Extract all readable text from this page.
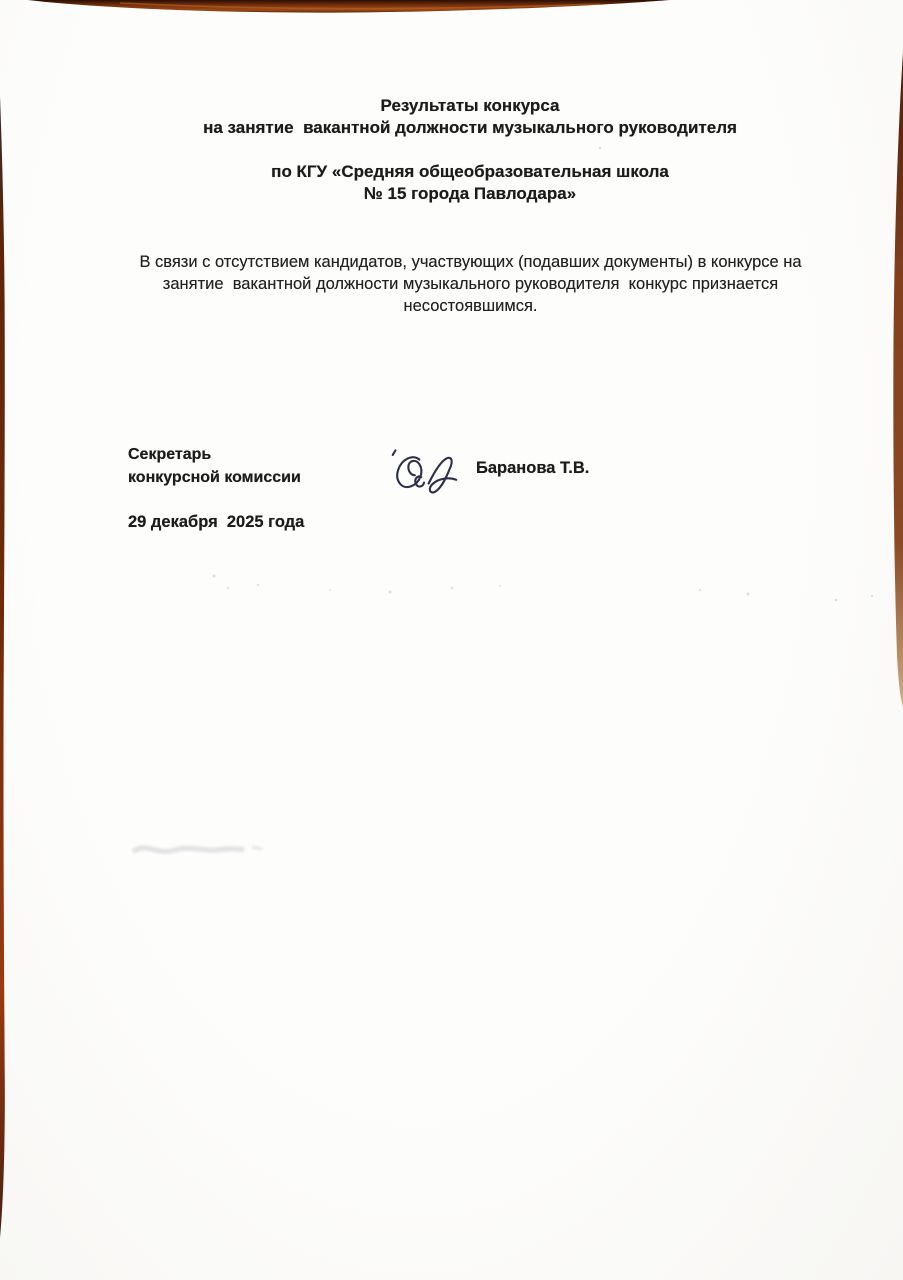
Результаты конкурса
на занятие  вакантной должности музыкального руководителя
по КГУ «Средняя общеобразовательная школа
№ 15 города Павлодара»
В связи с отсутствием кандидатов, участвующих (подавших документы) в конкурсе на
занятие  вакантной должности музыкального руководителя  конкурс признается
несостоявшимся.
Секретарь
конкурсной комиссии
Баранова Т.В.
29 декабря  2025 года
